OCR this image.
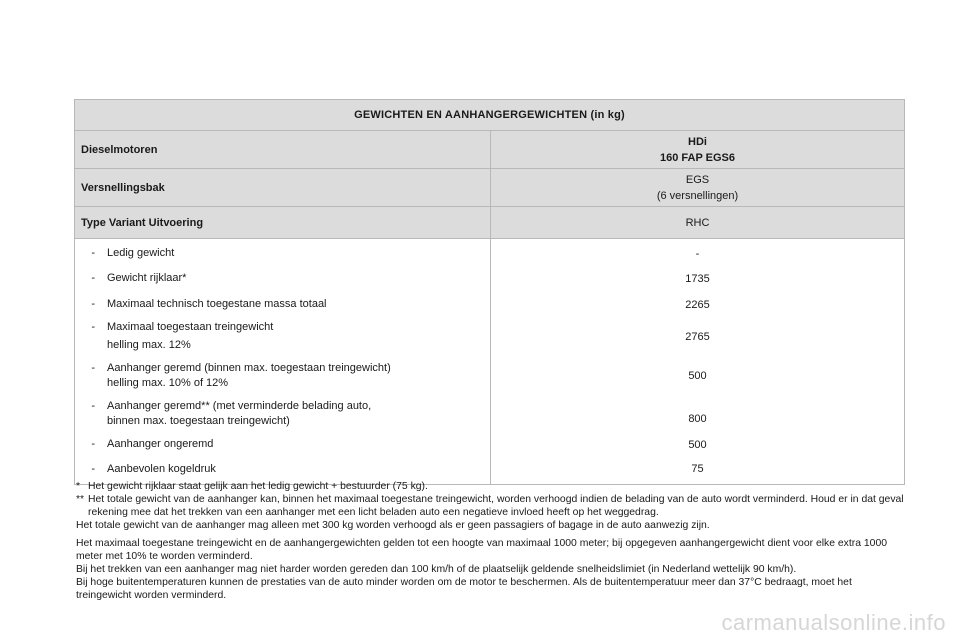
GEWICHTEN EN AANHANGERGEWICHTEN (in kg)	
Dieselmotoren	HDi
160 FAP EGS6

Versnellingsbak	EGS
(6 versnellingen)

Type Variant Uitvoering	RHC

- Ledig gewicht	-

- Gewicht rijklaar*	1735

- Maximaal technisch toegestane massa totaal	2265

- Maximaal toegestaan treingewicht
helling max. 12%	2765

- Aanhanger geremd (binnen max. toegestaan treingewicht)
helling max. 10% of 12%	500

- Aanhanger geremd** (met verminderde belading auto,
binnen max. toegestaan treingewicht)	800

- Aanhanger ongeremd	500

- Aanbevolen kogeldruk	75
* Het gewicht rijklaar staat gelijk aan het ledig gewicht + bestuurder (75 kg).
** Het totale gewicht van de aanhanger kan, binnen het maximaal toegestane treingewicht, worden verhoogd indien de belading van de auto wordt verminderd. Houd er in dat geval rekening mee dat het trekken van een aanhanger met een licht beladen auto een negatieve invloed heeft op het weggedrag.

Het totale gewicht van de aanhanger mag alleen met 300 kg worden verhoogd als er geen passagiers of bagage in de auto aanwezig zijn.

Het maximaal toegestane treingewicht en de aanhangergewichten gelden tot een hoogte van maximaal 1000 meter; bij opgegeven aanhangergewicht dient voor elke extra 1000 meter met 10% te worden verminderd.

Bij het trekken van een aanhanger mag niet harder worden gereden dan 100 km/h of de plaatselijk geldende snelheidslimiet (in Nederland wettelijk 90 km/h).

Bij hoge buitentemperaturen kunnen de prestaties van de auto minder worden om de motor te beschermen. Als de buitentemperatuur meer dan 37°C bedraagt, moet het treingewicht worden verminderd.

carmanualsonline.info
